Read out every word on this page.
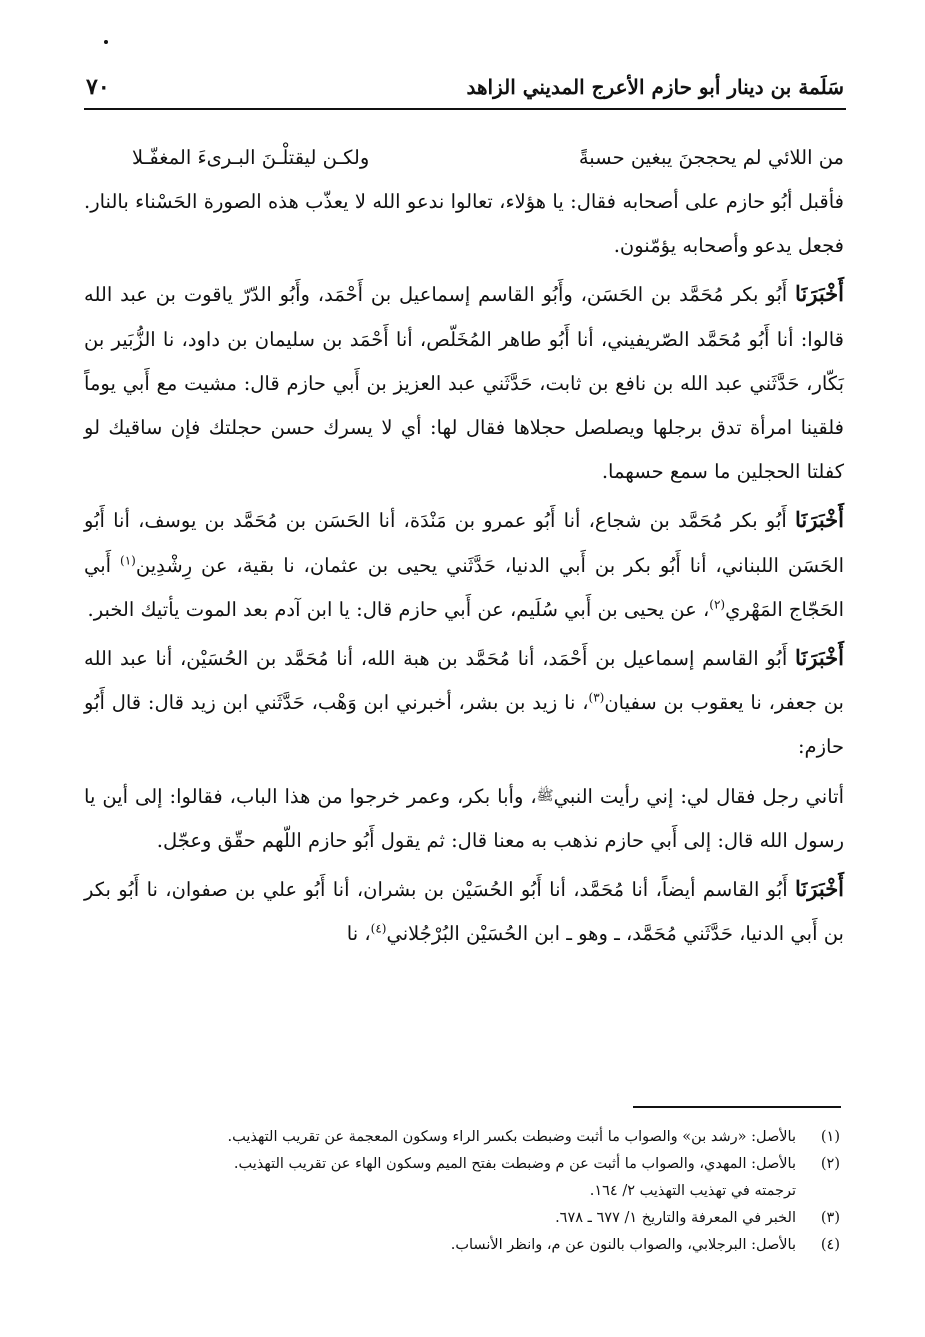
سَلَمة بن دينار أبو حازم الأعرج المديني الزاهد
٧٠

من اللائي لم يحججنَ يبغين حسبةً
ولكـن ليقتلْـنَ البـرىءَ المغفّـلا

فأقبل أبُو حازم على أصحابه فقال: يا هؤلاء، تعالوا ندعو الله لا يعذّب هذه الصورة الحَسْناء بالنار. فجعل يدعو وأصحابه يؤمّنون.

أَخْبَرَنَا أَبُو بكر مُحَمَّد بن الحَسَن، وأَبُو القاسم إسماعيل بن أَحْمَد، وأَبُو الدّرّ ياقوت بن عبد الله قالوا: أنا أَبُو مُحَمَّد الصّريفيني، أنا أَبُو طاهر المُخَلّص، أنا أَحْمَد بن سليمان بن داود، نا الزُّبَير بن بَكّار، حَدَّثَني عبد الله بن نافع بن ثابت، حَدَّثَني عبد العزيز بن أَبي حازم قال: مشيت مع أَبي يوماً فلقينا امرأة تدق برجلها ويصلصل حجلاها فقال لها: أي لا يسرك حسن حجلتك فإن ساقيك لو كفلتا الحجلين ما سمع حسهما.

أَخْبَرَنَا أَبُو بكر مُحَمَّد بن شجاع، أنا أَبُو عمرو بن مَنْدَة، أنا الحَسَن بن مُحَمَّد بن يوسف، أنا أَبُو الحَسَن اللبناني، أنا أَبُو بكر بن أَبي الدنيا، حَدَّثَني يحيى بن عثمان، نا بقية، عن رِشْدِين$^{(١)}$ أَبي الحَجّاج المَهْري$^{(٢)}$، عن يحيى بن أَبي سُلَيم، عن أَبي حازم قال: يا ابن آدم بعد الموت يأتيك الخبر.

أَخْبَرَنَا أَبُو القاسم إسماعيل بن أَحْمَد، أنا مُحَمَّد بن هبة الله، أنا مُحَمَّد بن الحُسَيْن، أنا عبد الله بن جعفر، نا يعقوب بن سفيان$^{(٣)}$، نا زيد بن بشر، أخبرني ابن وَهْب، حَدَّثَني ابن زيد قال: قال أَبُو حازم:

أتاني رجل فقال لي: إني رأيت النبيﷺ، وأبا بكر، وعمر خرجوا من هذا الباب، فقالوا: إلى أين يا رسول الله قال: إلى أَبي حازم نذهب به معنا قال: ثم يقول أَبُو حازم اللّهم حقّق وعجّل.

أَخْبَرَنَا أَبُو القاسم أيضاً، أنا مُحَمَّد، أنا أَبُو الحُسَيْن بن بشران، أنا أَبُو علي بن صفوان، نا أَبُو بكر بن أَبي الدنيا، حَدَّثَني مُحَمَّد، ـ وهو ـ ابن الحُسَيْن البُرْجُلاني$^{(٤)}$، نا

(١)
بالأصل: «رشد بن» والصواب ما أثبت وضبطت بكسر الراء وسكون المعجمة عن تقريب التهذيب.
(٢)
بالأصل: المهدي، والصواب ما أثبت عن م وضبطت بفتح الميم وسكون الهاء عن تقريب التهذيب.
ترجمته في تهذيب التهذيب ٢/ ١٦٤.
(٣)
الخبر في المعرفة والتاريخ ١/ ٦٧٧ ـ ٦٧٨.
(٤)
بالأصل: البرجلابي، والصواب بالنون عن م، وانظر الأنساب.
